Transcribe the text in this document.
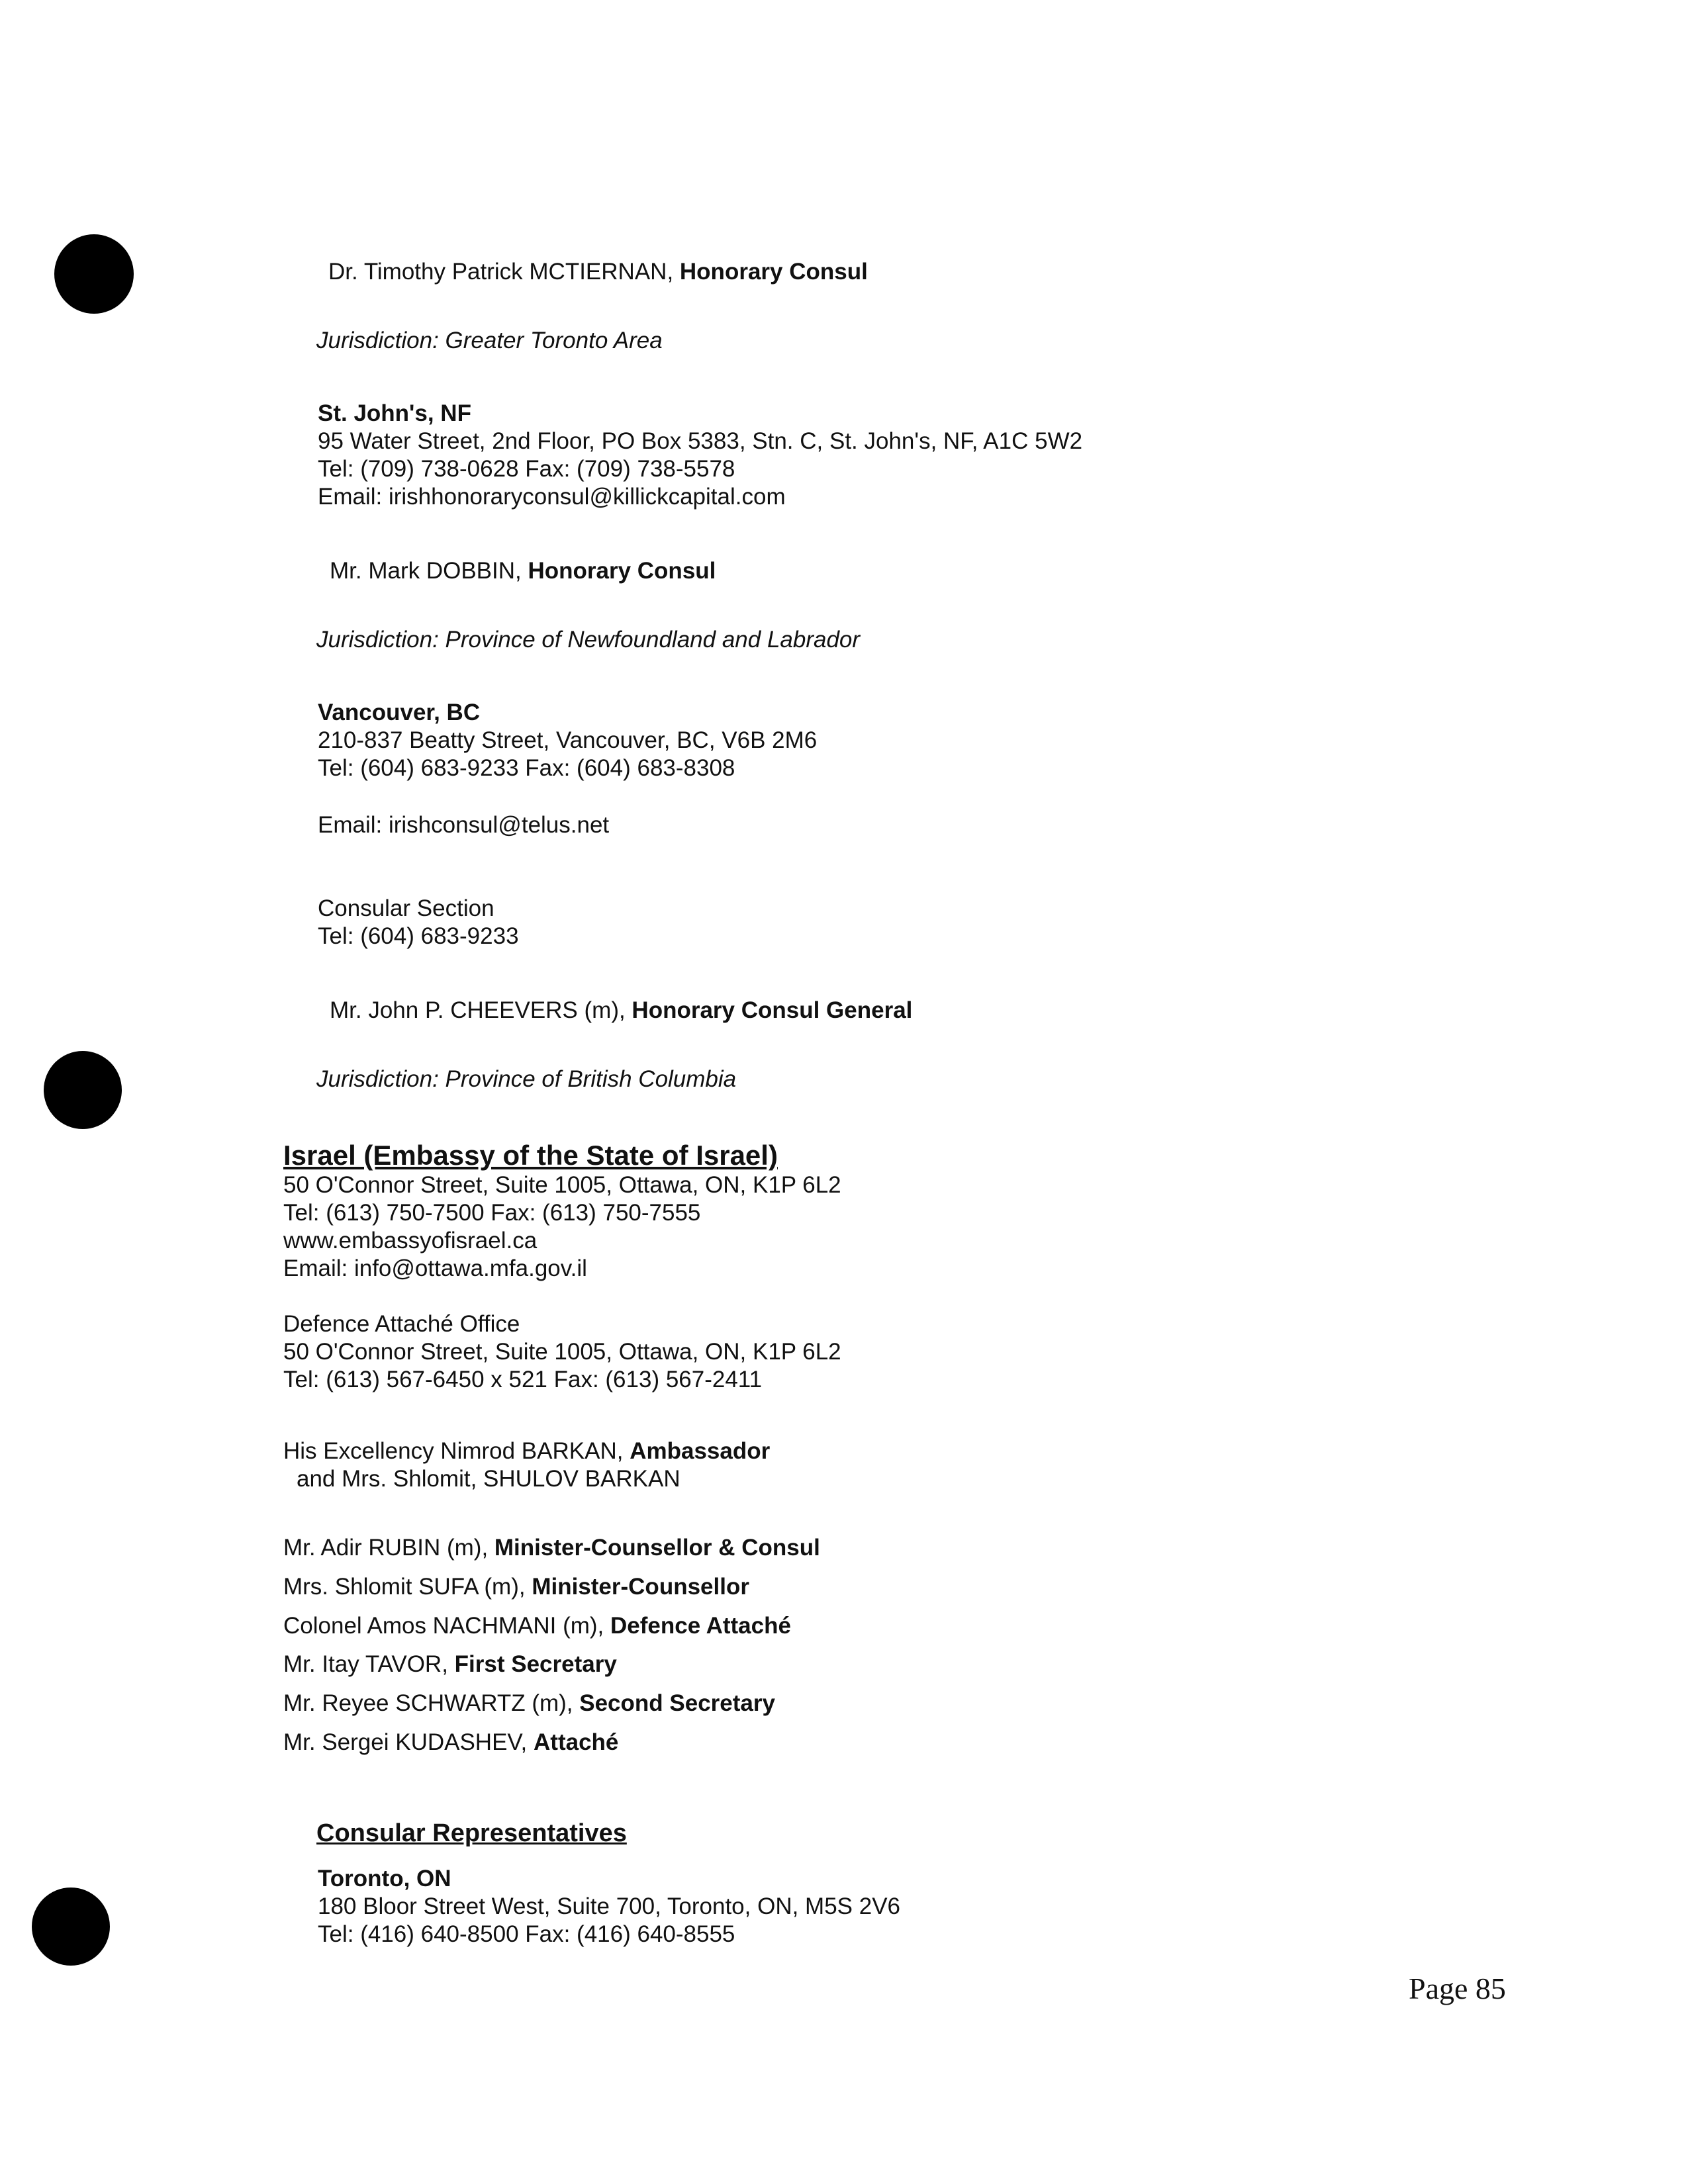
Dr. Timothy Patrick MCTIERNAN, Honorary Consul
Jurisdiction: Greater Toronto Area
St. John's, NF
95 Water Street, 2nd Floor, PO Box 5383, Stn. C, St. John's, NF, A1C 5W2
Tel: (709) 738-0628 Fax: (709) 738-5578
Email: irishhonoraryconsul@killickcapital.com
Mr. Mark DOBBIN, Honorary Consul
Jurisdiction: Province of Newfoundland and Labrador
Vancouver, BC
210-837 Beatty Street, Vancouver, BC, V6B 2M6
Tel: (604) 683-9233 Fax: (604) 683-8308
Email: irishconsul@telus.net
Consular Section
Tel: (604) 683-9233
Mr. John P. CHEEVERS (m), Honorary Consul General
Jurisdiction: Province of British Columbia
Israel (Embassy of the State of Israel)
50 O'Connor Street, Suite 1005, Ottawa, ON, K1P 6L2
Tel: (613) 750-7500 Fax: (613) 750-7555
www.embassyofisrael.ca
Email: info@ottawa.mfa.gov.il
Defence Attaché Office
50 O'Connor Street, Suite 1005, Ottawa, ON, K1P 6L2
Tel: (613) 567-6450 x 521 Fax: (613) 567-2411
His Excellency Nimrod BARKAN, Ambassador
and Mrs. Shlomit, SHULOV BARKAN
Mr. Adir RUBIN (m), Minister-Counsellor & Consul
Mrs. Shlomit SUFA (m), Minister-Counsellor
Colonel Amos NACHMANI (m), Defence Attaché
Mr. Itay TAVOR, First Secretary
Mr. Reyee SCHWARTZ (m), Second Secretary
Mr. Sergei KUDASHEV, Attaché
Consular Representatives
Toronto, ON
180 Bloor Street West, Suite 700, Toronto, ON, M5S 2V6
Tel: (416) 640-8500 Fax: (416) 640-8555
Page 85
